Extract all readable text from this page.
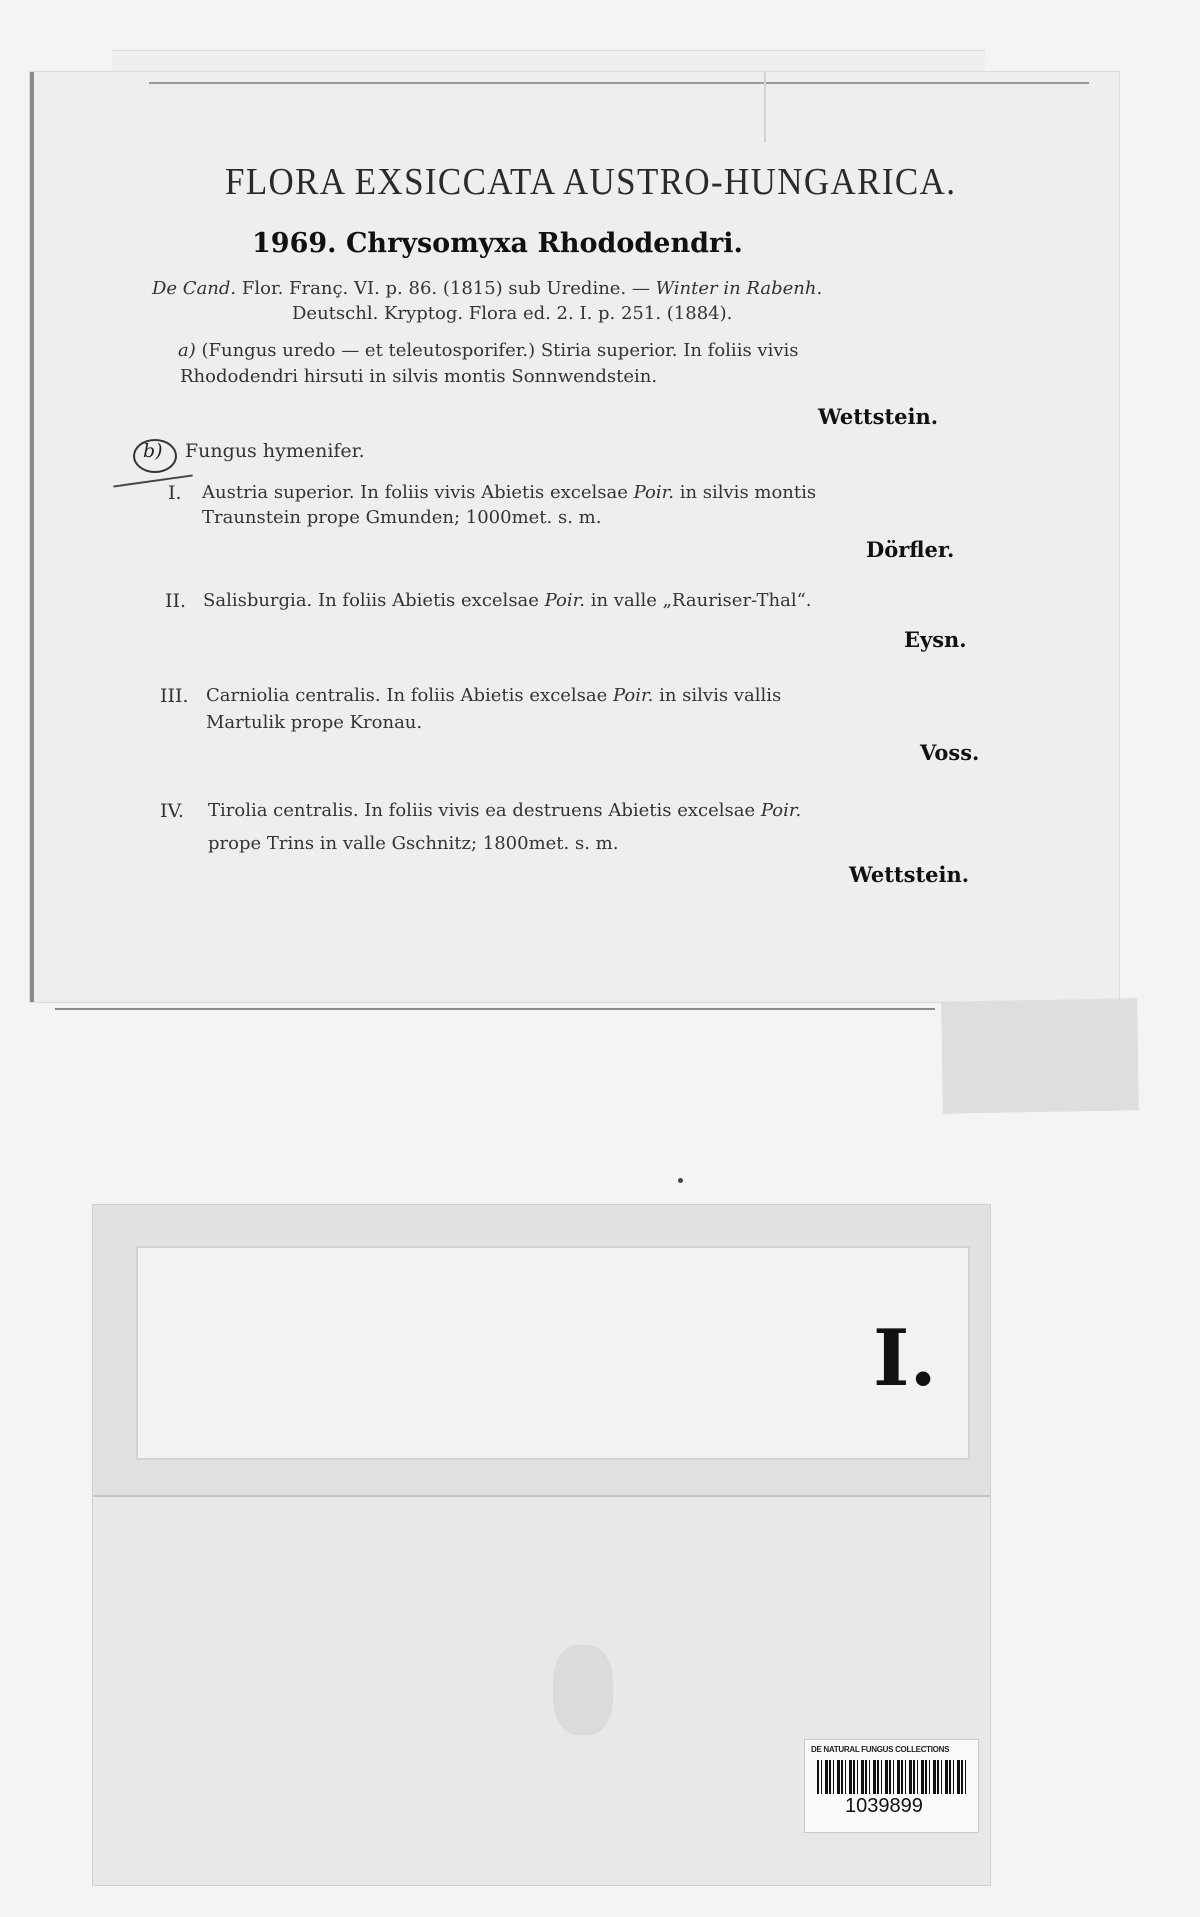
FLORA EXSICCATA AUSTRO-HUNGARICA.
1969. Chrysomyxa Rhododendri.
De Cand. Flor. Franç. VI. p. 86. (1815) sub Uredine. — Winter in Rabenh.
Deutschl. Kryptog. Flora ed. 2. I. p. 251. (1884).
a) (Fungus uredo — et teleutosporifer.) Stiria superior. In foliis vivis
Rhododendri hirsuti in silvis montis Sonnwendstein.
Wettstein.
b) Fungus hymenifer.
I. Austria superior. In foliis vivis Abietis excelsae Poir. in silvis montis
Traunstein prope Gmunden; 1000met. s. m.
Dörfler.
II. Salisburgia. In foliis Abietis excelsae Poir. in valle „Rauriser-Thal“.
Eysn.
III. Carniolia centralis. In foliis Abietis excelsae Poir. in silvis vallis
Martulik prope Kronau.
Voss.
IV. Tirolia centralis. In foliis vivis ea destruens Abietis excelsae Poir.
prope Trins in valle Gschnitz; 1800met. s. m.
Wettstein.
I.
DE NATURAL FUNGUS COLLECTIONS
1039899
